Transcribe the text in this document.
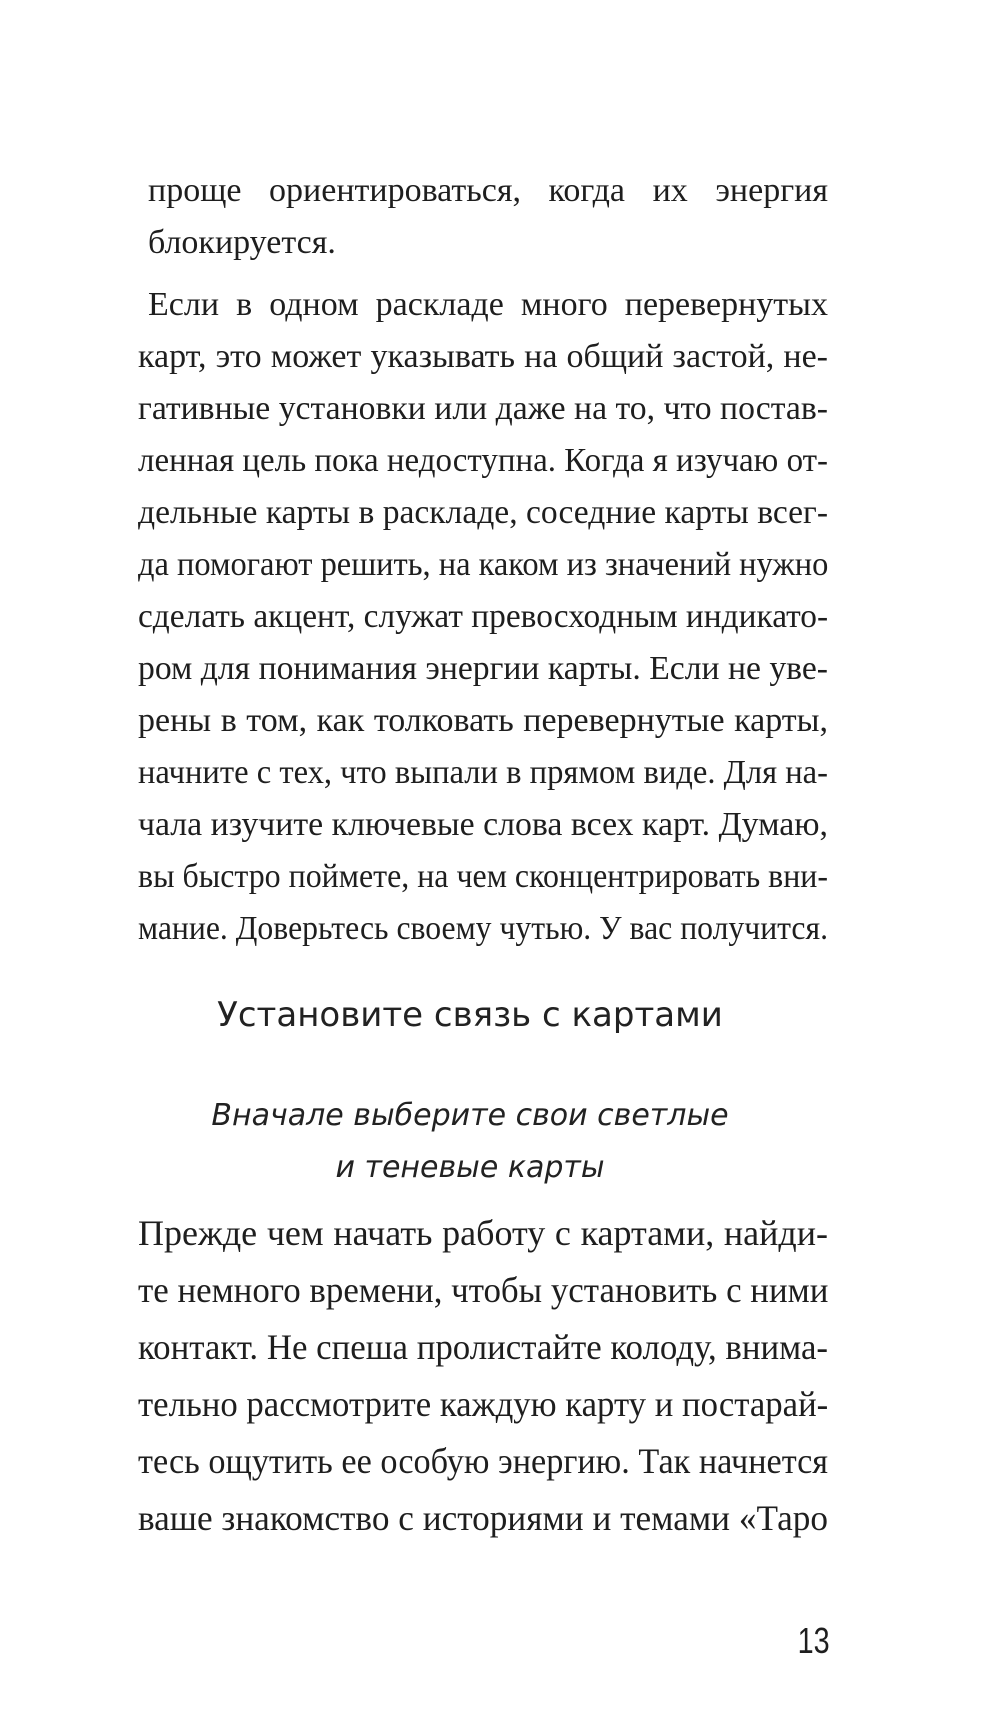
проще ориентироваться, когда их энергия
блокируется.
Если в одном раскладе много перевернутых
карт, это может указывать на общий застой, не-
гативные установки или даже на то, что постав-
ленная цель пока недоступна. Когда я изучаю от-
дельные карты в раскладе, соседние карты всег-
да помогают решить, на каком из значений нужно
сделать акцент, служат превосходным индикато-
ром для понимания энергии карты. Если не уве-
рены в том, как толковать перевернутые карты,
начните с тех, что выпали в прямом виде. Для на-
чала изучите ключевые слова всех карт. Думаю,
вы быстро поймете, на чем сконцентрировать вни-
мание. Доверьтесь своему чутью. У вас получится.
Установите связь с картами
Вначале выберите свои светлые
и теневые карты
Прежде чем начать работу с картами, найди-
те немного времени, чтобы установить с ними
контакт. Не спеша пролистайте колоду, внима-
тельно рассмотрите каждую карту и постарай-
тесь ощутить ее особую энергию. Так начнется
ваше знакомство с историями и темами «Таро
13
